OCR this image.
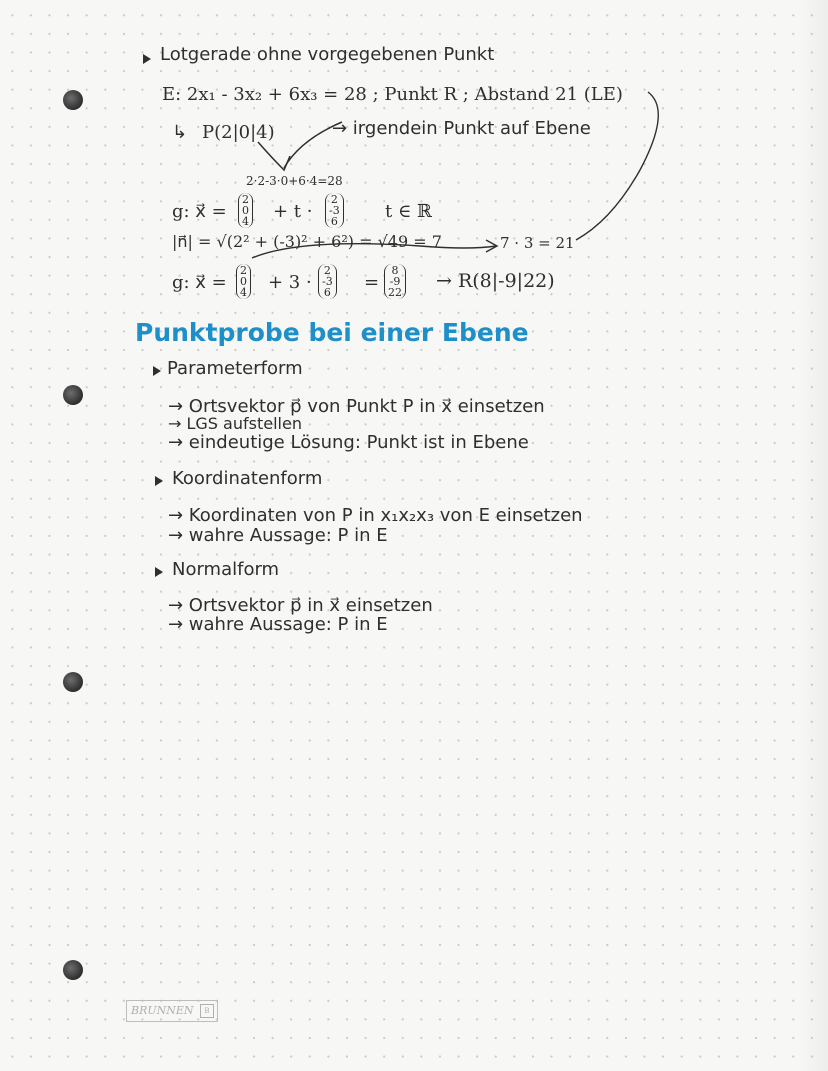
Lotgerade ohne vorgegebenen Punkt
E: 2x₁ - 3x₂ + 6x₃ = 28 ; Punkt R ; Abstand 21 (LE)
↳ P(2|0|4)	→ irgendein Punkt auf Ebene
2·2-3·0+6·4=28
g: x⃗ =
2
0
4 + t ·
2
-3
6	t ∈ ℝ
|n⃗| = √(2² + (-3)² + 6²) = √49 = 7	7 · 3 = 21
g: x⃗ =
2
0
4 + 3 ·
2
-3
6 =
8
-9
22
→ R(8|-9|22)
Punktprobe bei einer Ebene
Parameterform
→ Ortsvektor p⃗ von Punkt P in x⃗ einsetzen
→ LGS aufstellen
→ eindeutige Lösung: Punkt ist in Ebene
Koordinatenform
→ Koordinaten von P in x₁x₂x₃ von E einsetzen
→ wahre Aussage: P in E
Normalform
→ Ortsvektor p⃗ in x⃗ einsetzen
→ wahre Aussage: P in E
BRUNNEN	B
